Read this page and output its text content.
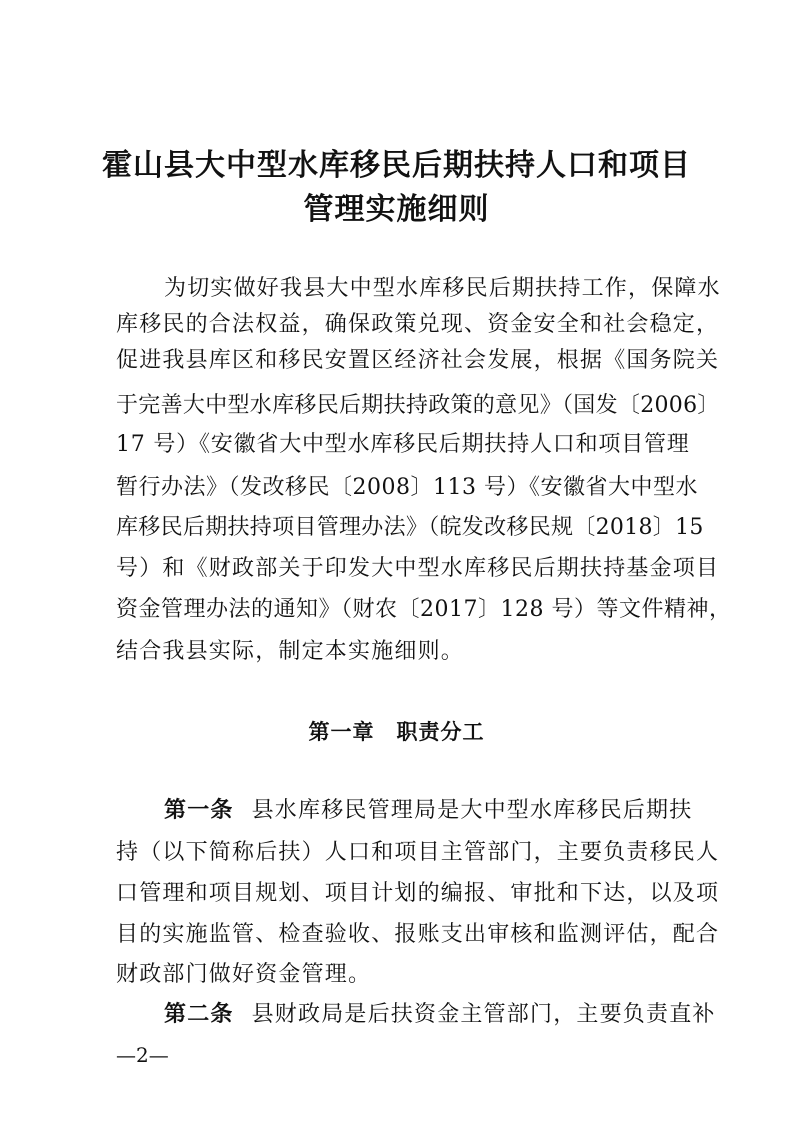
霍山县大中型水库移民后期扶持人口和项目
管理实施细则
为切实做好我县大中型水库移民后期扶持工作，保障水
库移民的合法权益，确保政策兑现、资金安全和社会稳定，
促进我县库区和移民安置区经济社会发展，根据《国务院关
于完善大中型水库移民后期扶持政策的意见》（国发〔2006〕
17 号）《安徽省大中型水库移民后期扶持人口和项目管理
暂行办法》（发改移民〔2008〕113 号）《安徽省大中型水
库移民后期扶持项目管理办法》（皖发改移民规〔2018〕15
号）和《财政部关于印发大中型水库移民后期扶持基金项目
资金管理办法的通知》（财农〔2017〕128 号）等文件精神，
结合我县实际，制定本实施细则。
第一章　职责分工
第一条 县水库移民管理局是大中型水库移民后期扶
持（以下简称后扶）人口和项目主管部门，主要负责移民人
口管理和项目规划、项目计划的编报、审批和下达，以及项
目的实施监管、检查验收、报账支出审核和监测评估，配合
财政部门做好资金管理。
第二条 县财政局是后扶资金主管部门，主要负责直补
—2—
